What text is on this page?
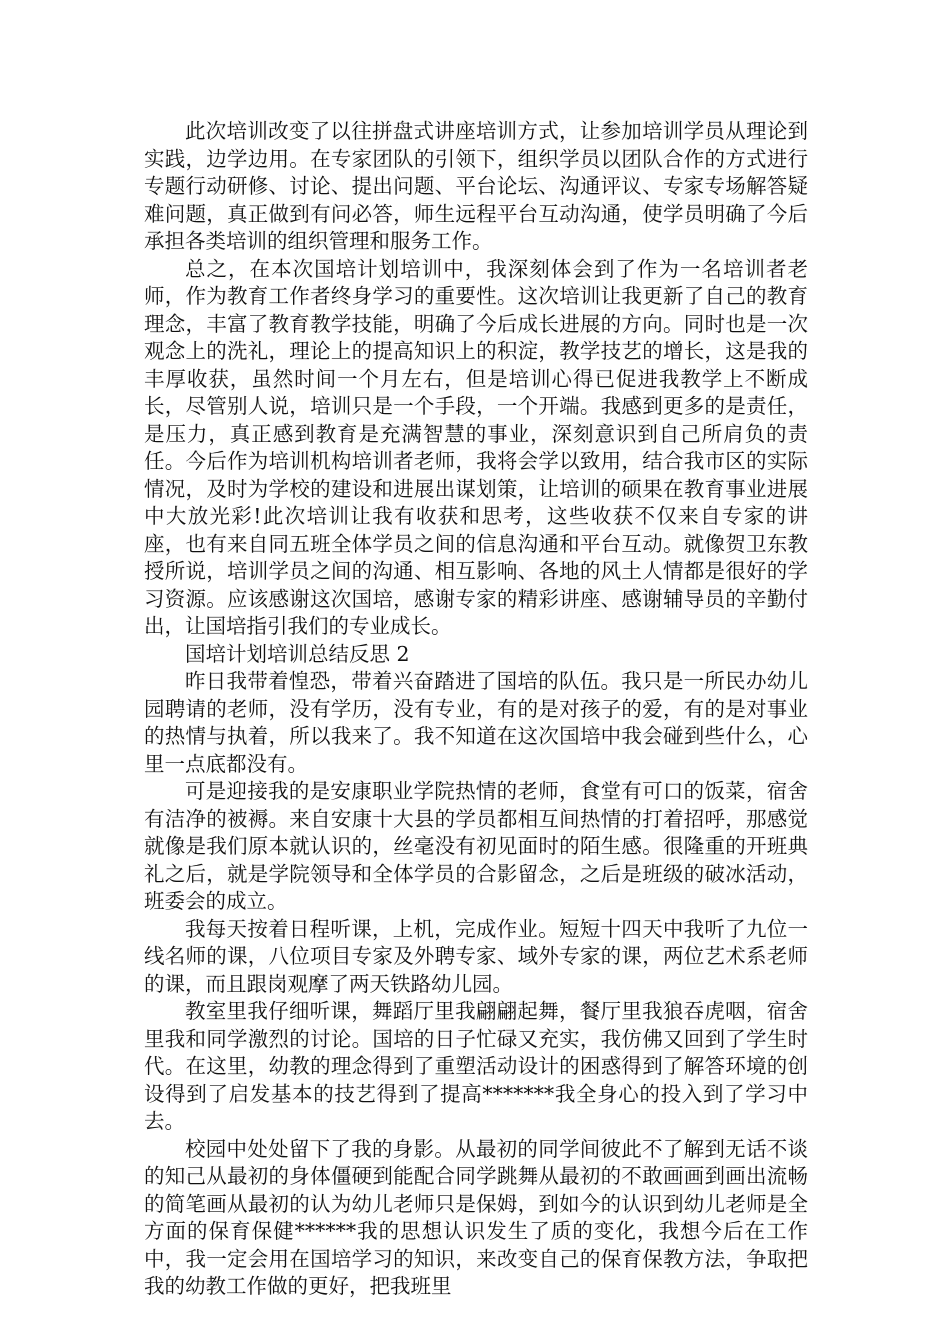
此次培训改变了以往拼盘式讲座培训方式，让参加培训学员从理论到实践，边学边用。在专家团队的引领下，组织学员以团队合作的方式进行专题行动研修、讨论、提出问题、平台论坛、沟通评议、专家专场解答疑难问题，真正做到有问必答，师生远程平台互动沟通，使学员明确了今后承担各类培训的组织管理和服务工作。

总之，在本次国培计划培训中，我深刻体会到了作为一名培训者老师，作为教育工作者终身学习的重要性。这次培训让我更新了自己的教育理念，丰富了教育教学技能，明确了今后成长进展的方向。同时也是一次观念上的洗礼，理论上的提高知识上的积淀，教学技艺的增长，这是我的丰厚收获，虽然时间一个月左右，但是培训心得已促进我教学上不断成长，尽管别人说，培训只是一个手段，一个开端。我感到更多的是责任，是压力，真正感到教育是充满智慧的事业，深刻意识到自己所肩负的责任。今后作为培训机构培训者老师，我将会学以致用，结合我市区的实际情况，及时为学校的建设和进展出谋划策，让培训的硕果在教育事业进展中大放光彩!此次培训让我有收获和思考，这些收获不仅来自专家的讲座，也有来自同五班全体学员之间的信息沟通和平台互动。就像贺卫东教授所说，培训学员之间的沟通、相互影响、各地的风土人情都是很好的学习资源。应该感谢这次国培，感谢专家的精彩讲座、感谢辅导员的辛勤付出，让国培指引我们的专业成长。

国培计划培训总结反思 2

昨日我带着惶恐，带着兴奋踏进了国培的队伍。我只是一所民办幼儿园聘请的老师，没有学历，没有专业，有的是对孩子的爱，有的是对事业的热情与执着，所以我来了。我不知道在这次国培中我会碰到些什么，心里一点底都没有。

可是迎接我的是安康职业学院热情的老师，食堂有可口的饭菜，宿舍有洁净的被褥。来自安康十大县的学员都相互间热情的打着招呼，那感觉就像是我们原本就认识的，丝毫没有初见面时的陌生感。很隆重的开班典礼之后，就是学院领导和全体学员的合影留念，之后是班级的破冰活动，班委会的成立。

我每天按着日程听课，上机，完成作业。短短十四天中我听了九位一线名师的课，八位项目专家及外聘专家、域外专家的课，两位艺术系老师的课，而且跟岗观摩了两天铁路幼儿园。

教室里我仔细听课，舞蹈厅里我翩翩起舞，餐厅里我狼吞虎咽，宿舍里我和同学激烈的讨论。国培的日子忙碌又充实，我仿佛又回到了学生时代。在这里，幼教的理念得到了重塑活动设计的困惑得到了解答环境的创设得到了启发基本的技艺得到了提高*******我全身心的投入到了学习中去。

校园中处处留下了我的身影。从最初的同学间彼此不了解到无话不谈的知己从最初的身体僵硬到能配合同学跳舞从最初的不敢画画到画出流畅的简笔画从最初的认为幼儿老师只是保姆，到如今的认识到幼儿老师是全方面的保育保健******我的思想认识发生了质的变化，我想今后在工作中，我一定会用在国培学习的知识，来改变自己的保育保教方法，争取把我的幼教工作做的更好，把我班里
